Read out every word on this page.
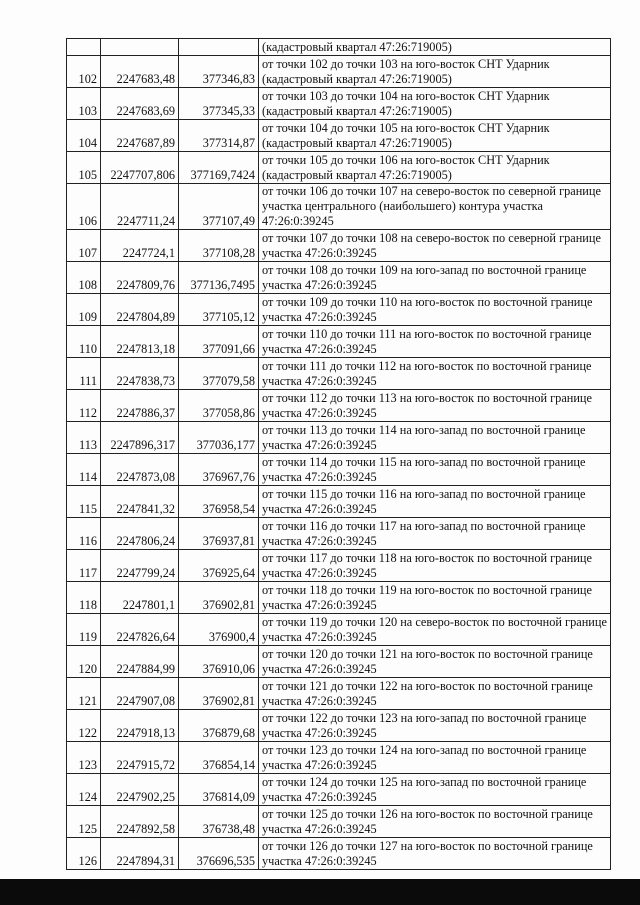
			(кадастровый квартал 47:26:719005)
102	2247683,48	377346,83	от точки 102 до точки 103 на юго-восток СНТ Ударник (кадастровый квартал 47:26:719005)
103	2247683,69	377345,33	от точки 103 до точки 104 на юго-восток СНТ Ударник (кадастровый квартал 47:26:719005)
104	2247687,89	377314,87	от точки 104 до точки 105 на юго-восток СНТ Ударник (кадастровый квартал 47:26:719005)
105	2247707,806	377169,7424	от точки 105 до точки 106 на юго-восток СНТ Ударник (кадастровый квартал 47:26:719005)
106	2247711,24	377107,49	от точки 106 до точки 107 на северо-восток по северной границе участка центрального (наибольшего) контура участка 47:26:0:39245
107	2247724,1	377108,28	от точки 107 до точки 108 на северо-восток по северной границе участка 47:26:0:39245
108	2247809,76	377136,7495	от точки 108 до точки 109 на юго-запад по восточной границе участка 47:26:0:39245
109	2247804,89	377105,12	от точки 109 до точки 110 на юго-восток по восточной границе участка 47:26:0:39245
110	2247813,18	377091,66	от точки 110 до точки 111 на юго-восток по восточной границе участка 47:26:0:39245
111	2247838,73	377079,58	от точки 111 до точки 112 на юго-восток по восточной границе участка 47:26:0:39245
112	2247886,37	377058,86	от точки 112 до точки 113 на юго-восток по восточной границе участка 47:26:0:39245
113	2247896,317	377036,177	от точки 113 до точки 114 на юго-запад по восточной границе участка 47:26:0:39245
114	2247873,08	376967,76	от точки 114 до точки 115 на юго-запад по восточной границе участка 47:26:0:39245
115	2247841,32	376958,54	от точки 115 до точки 116 на юго-запад по восточной границе участка 47:26:0:39245
116	2247806,24	376937,81	от точки 116 до точки 117 на юго-запад по восточной границе участка 47:26:0:39245
117	2247799,24	376925,64	от точки 117 до точки 118 на юго-восток по восточной границе участка 47:26:0:39245
118	2247801,1	376902,81	от точки 118 до точки 119 на юго-восток по восточной границе участка 47:26:0:39245
119	2247826,64	376900,4	от точки 119 до точки 120 на северо-восток по восточной границе участка 47:26:0:39245
120	2247884,99	376910,06	от точки 120 до точки 121 на юго-восток по восточной границе участка 47:26:0:39245
121	2247907,08	376902,81	от точки 121 до точки 122 на юго-восток по восточной границе участка 47:26:0:39245
122	2247918,13	376879,68	от точки 122 до точки 123 на юго-запад по восточной границе участка 47:26:0:39245
123	2247915,72	376854,14	от точки 123 до точки 124 на юго-запад по восточной границе участка 47:26:0:39245
124	2247902,25	376814,09	от точки 124 до точки 125 на юго-запад по восточной границе участка 47:26:0:39245
125	2247892,58	376738,48	от точки 125 до точки 126 на юго-восток по восточной границе участка 47:26:0:39245
126	2247894,31	376696,535	от точки 126 до точки 127 на юго-восток по восточной границе участка 47:26:0:39245
